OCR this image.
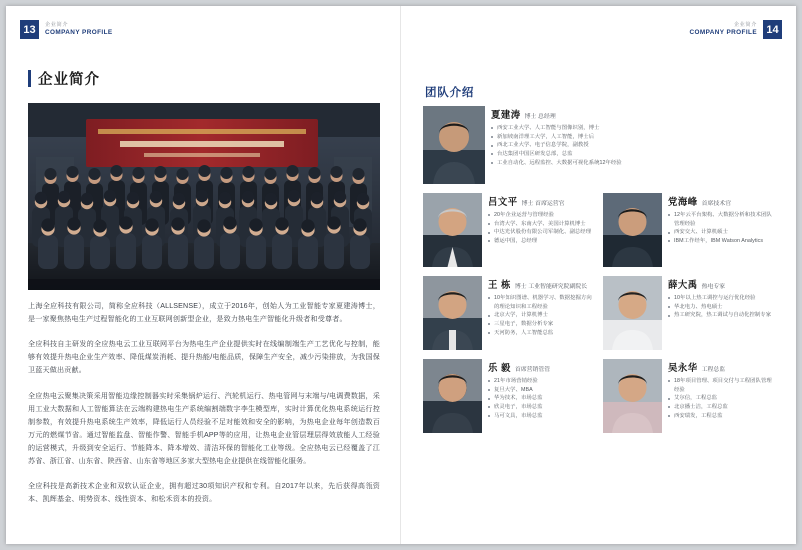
13	企业简介
COMPANY PROFILE
企业简介

上海全应科技有限公司，简称全应科技（ALLSENSE），成立于2016年，创始人为工业智能专家夏建涛博士，是一家聚焦热电生产过程智能化的工业互联网创新型企业，是致力热电生产智能化升级者和受尊者。

全应科技自主研发的全应热电云工业互联网平台为热电生产企业提供实时在线编制端生产工艺优化与控制，能够有效提升热电企业生产效率、降低煤炭消耗、提升热能/电能品质，保障生产安全，减少污染排放，为我国保卫蓝天做出贡献。

全应热电云聚集决策采用智能边缘控制器实时采集锅炉运行、汽轮机运行、热电管网与末端与/电调费数据，采用工业大数据和人工智能算法在云端构建热电生产系统编割端数字李生模型库，实时计算优化热电系统运行控制参数，有效提升热电系统生产效率，降低运行人员经验不足对能效和安全的影响，为热电企业每年创造数百万元的燃煤节省。通过智能监盘、智能作警、智能手机APP等的应用，让热电企业管层理层得效放能人工经验的运营模式，升级到安全运行、节能降本、降本增效、清洁环保的智能化工业等级。全应热电云已经覆盖了江苏省、浙江省、山东省、陕西省、山东省等地区多家大型热电企业提供在线智能化服务。

全应科技是高新技术企业和双软认证企业，拥有超过30项知识产权和专利。自2017年以来，先后获得高瓴资本、凯辉基金、明势资本、线性资本、和松禾资本的投资。

14
企业简介
COMPANY PROFILE
团队介绍
夏建涛 博士 总经理
西安工业大学、人工智能与图像识别，博士
新加坡南洋理工大学，人工智能，博士后
西北工业大学、电子信息学院，副教授
台达集团中国区研发总部，总监
工业自动化、远程监控、大数据可视化系统12年经验
吕文平 博士 首席运营官
20年企业运营与管理经验
台湾大学、东南大学、美国计算机博士
中达光伏股份有限公司军制化、副总经理
德运中国，总经理
党海峰 首席技术官
12年云平台架构、大数据分析和技术团队管理经验
西安交大、计算机硕士
IBM工作经年，IBM Watson Analytics
王 栋 博士 工业智能研究院副院长
10年知识图谱、机器学习、数据挖掘方向的理论知识和工程经验
北京大学，计算机博士
三星电子，数据分析专家
天河防务，人工智能总监
薛大禹 热电专家
10年以上热工调控与运行优化经验
华北电力、热电硕士
热工研究院，热工调试与自动化控制专家
乐 毅 首席营销管管
21年市场营销经验
复旦大学、MBA
华为技术，市场总监
欣灵电子，市场总监
马可文具，市场总监
吴永华 工程总监
18年项目管理、项目交付与工程团队管理经验
艾尔信，工程总监
北京播士洁，工程总监
西安瑞发，工程总监
